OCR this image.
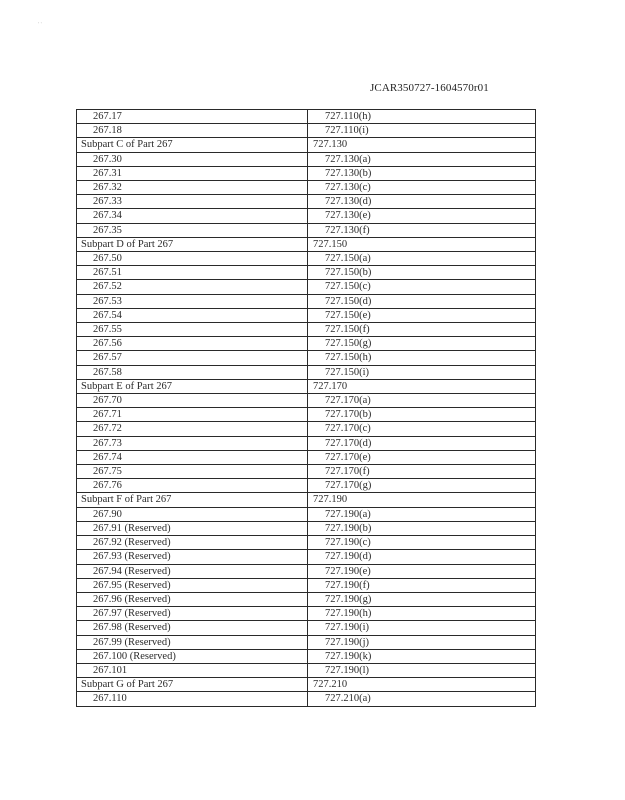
' '
JCAR350727-1604570r01
267.17	727.110(h)
267.18	727.110(i)
Subpart C of Part 267	727.130
267.30	727.130(a)
267.31	727.130(b)
267.32	727.130(c)
267.33	727.130(d)
267.34	727.130(e)
267.35	727.130(f)
Subpart D of Part 267	727.150
267.50	727.150(a)
267.51	727.150(b)
267.52	727.150(c)
267.53	727.150(d)
267.54	727.150(e)
267.55	727.150(f)
267.56	727.150(g)
267.57	727.150(h)
267.58	727.150(i)
Subpart E of Part 267	727.170
267.70	727.170(a)
267.71	727.170(b)
267.72	727.170(c)
267.73	727.170(d)
267.74	727.170(e)
267.75	727.170(f)
267.76	727.170(g)
Subpart F of Part 267	727.190
267.90	727.190(a)
267.91 (Reserved)	727.190(b)
267.92 (Reserved)	727.190(c)
267.93 (Reserved)	727.190(d)
267.94 (Reserved)	727.190(e)
267.95 (Reserved)	727.190(f)
267.96 (Reserved)	727.190(g)
267.97 (Reserved)	727.190(h)
267.98 (Reserved)	727.190(i)
267.99 (Reserved)	727.190(j)
267.100 (Reserved)	727.190(k)
267.101	727.190(l)
Subpart G of Part 267	727.210
267.110	727.210(a)
